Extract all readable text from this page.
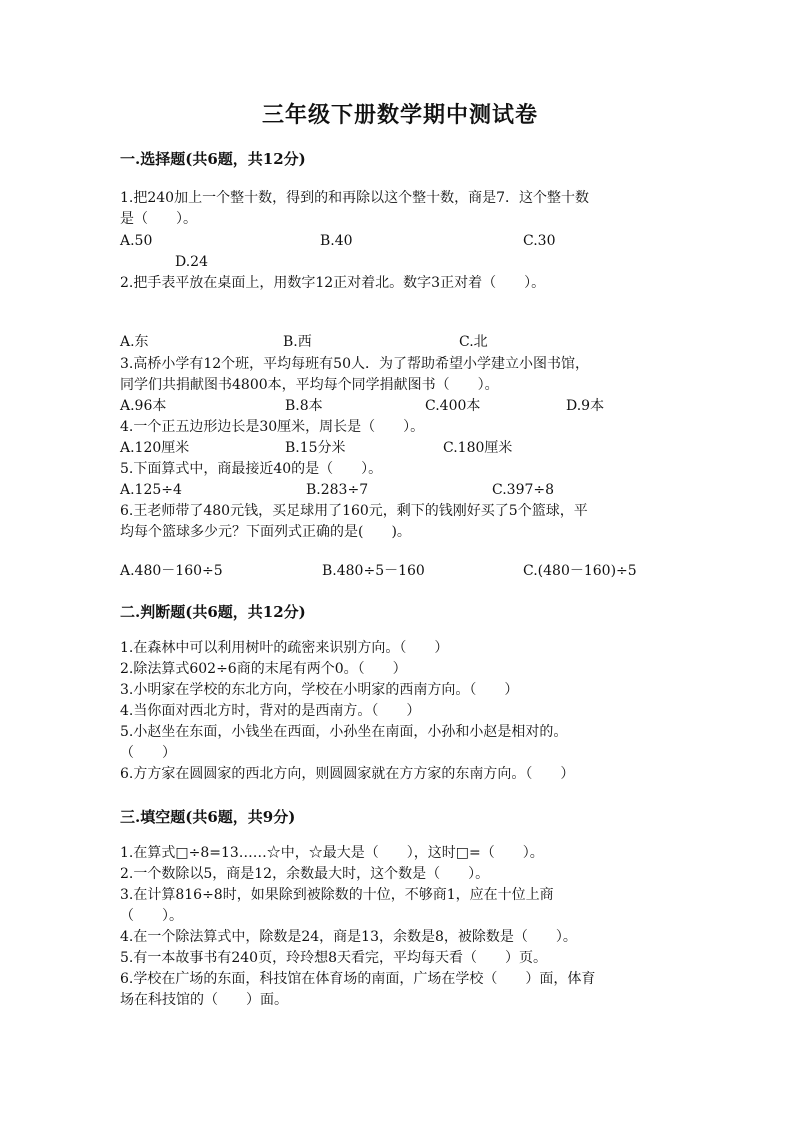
三年级下册数学期中测试卷
一.选择题(共6题，共12分)
1.把240加上一个整十数，得到的和再除以这个整十数，商是7．这个整十数
是（　　）。
A.50	B.40	C.30
D.24
2.把手表平放在桌面上，用数字12正对着北。数字3正对着（　　）。
A.东	B.西	C.北
3.高桥小学有12个班，平均每班有50人．为了帮助希望小学建立小图书馆，
同学们共捐献图书4800本，平均每个同学捐献图书（　　）。
A.96本	B.8本	C.400本	D.9本
4.一个正五边形边长是30厘米，周长是（　　）。
A.120厘米	B.15分米	C.180厘米
5.下面算式中，商最接近40的是（　　）。
A.125÷4	B.283÷7	C.397÷8
6.王老师带了480元钱，买足球用了160元，剩下的钱刚好买了5个篮球，平
均每个篮球多少元？下面列式正确的是(　　)。
A.480－160÷5	B.480÷5－160	C.(480－160)÷5
二.判断题(共6题，共12分)
1.在森林中可以利用树叶的疏密来识别方向。（　　）
2.除法算式602÷6商的末尾有两个0。（　　）
3.小明家在学校的东北方向，学校在小明家的西南方向。（　　）
4.当你面对西北方时，背对的是西南方。（　　）
5.小赵坐在东面，小钱坐在西面，小孙坐在南面，小孙和小赵是相对的。
（　　）
6.方方家在圆圆家的西北方向，则圆圆家就在方方家的东南方向。（　　）
三.填空题(共6题，共9分)
1.在算式□÷8=13……☆中，☆最大是（　　），这时□=（　　）。
2.一个数除以5，商是12，余数最大时，这个数是（　　）。
3.在计算816÷8时，如果除到被除数的十位，不够商1，应在十位上商
（　　）。
4.在一个除法算式中，除数是24，商是13，余数是8，被除数是（　　）。
5.有一本故事书有240页，玲玲想8天看完，平均每天看（　　）页。
6.学校在广场的东面，科技馆在体育场的南面，广场在学校（　　）面，体育
场在科技馆的（　　）面。
